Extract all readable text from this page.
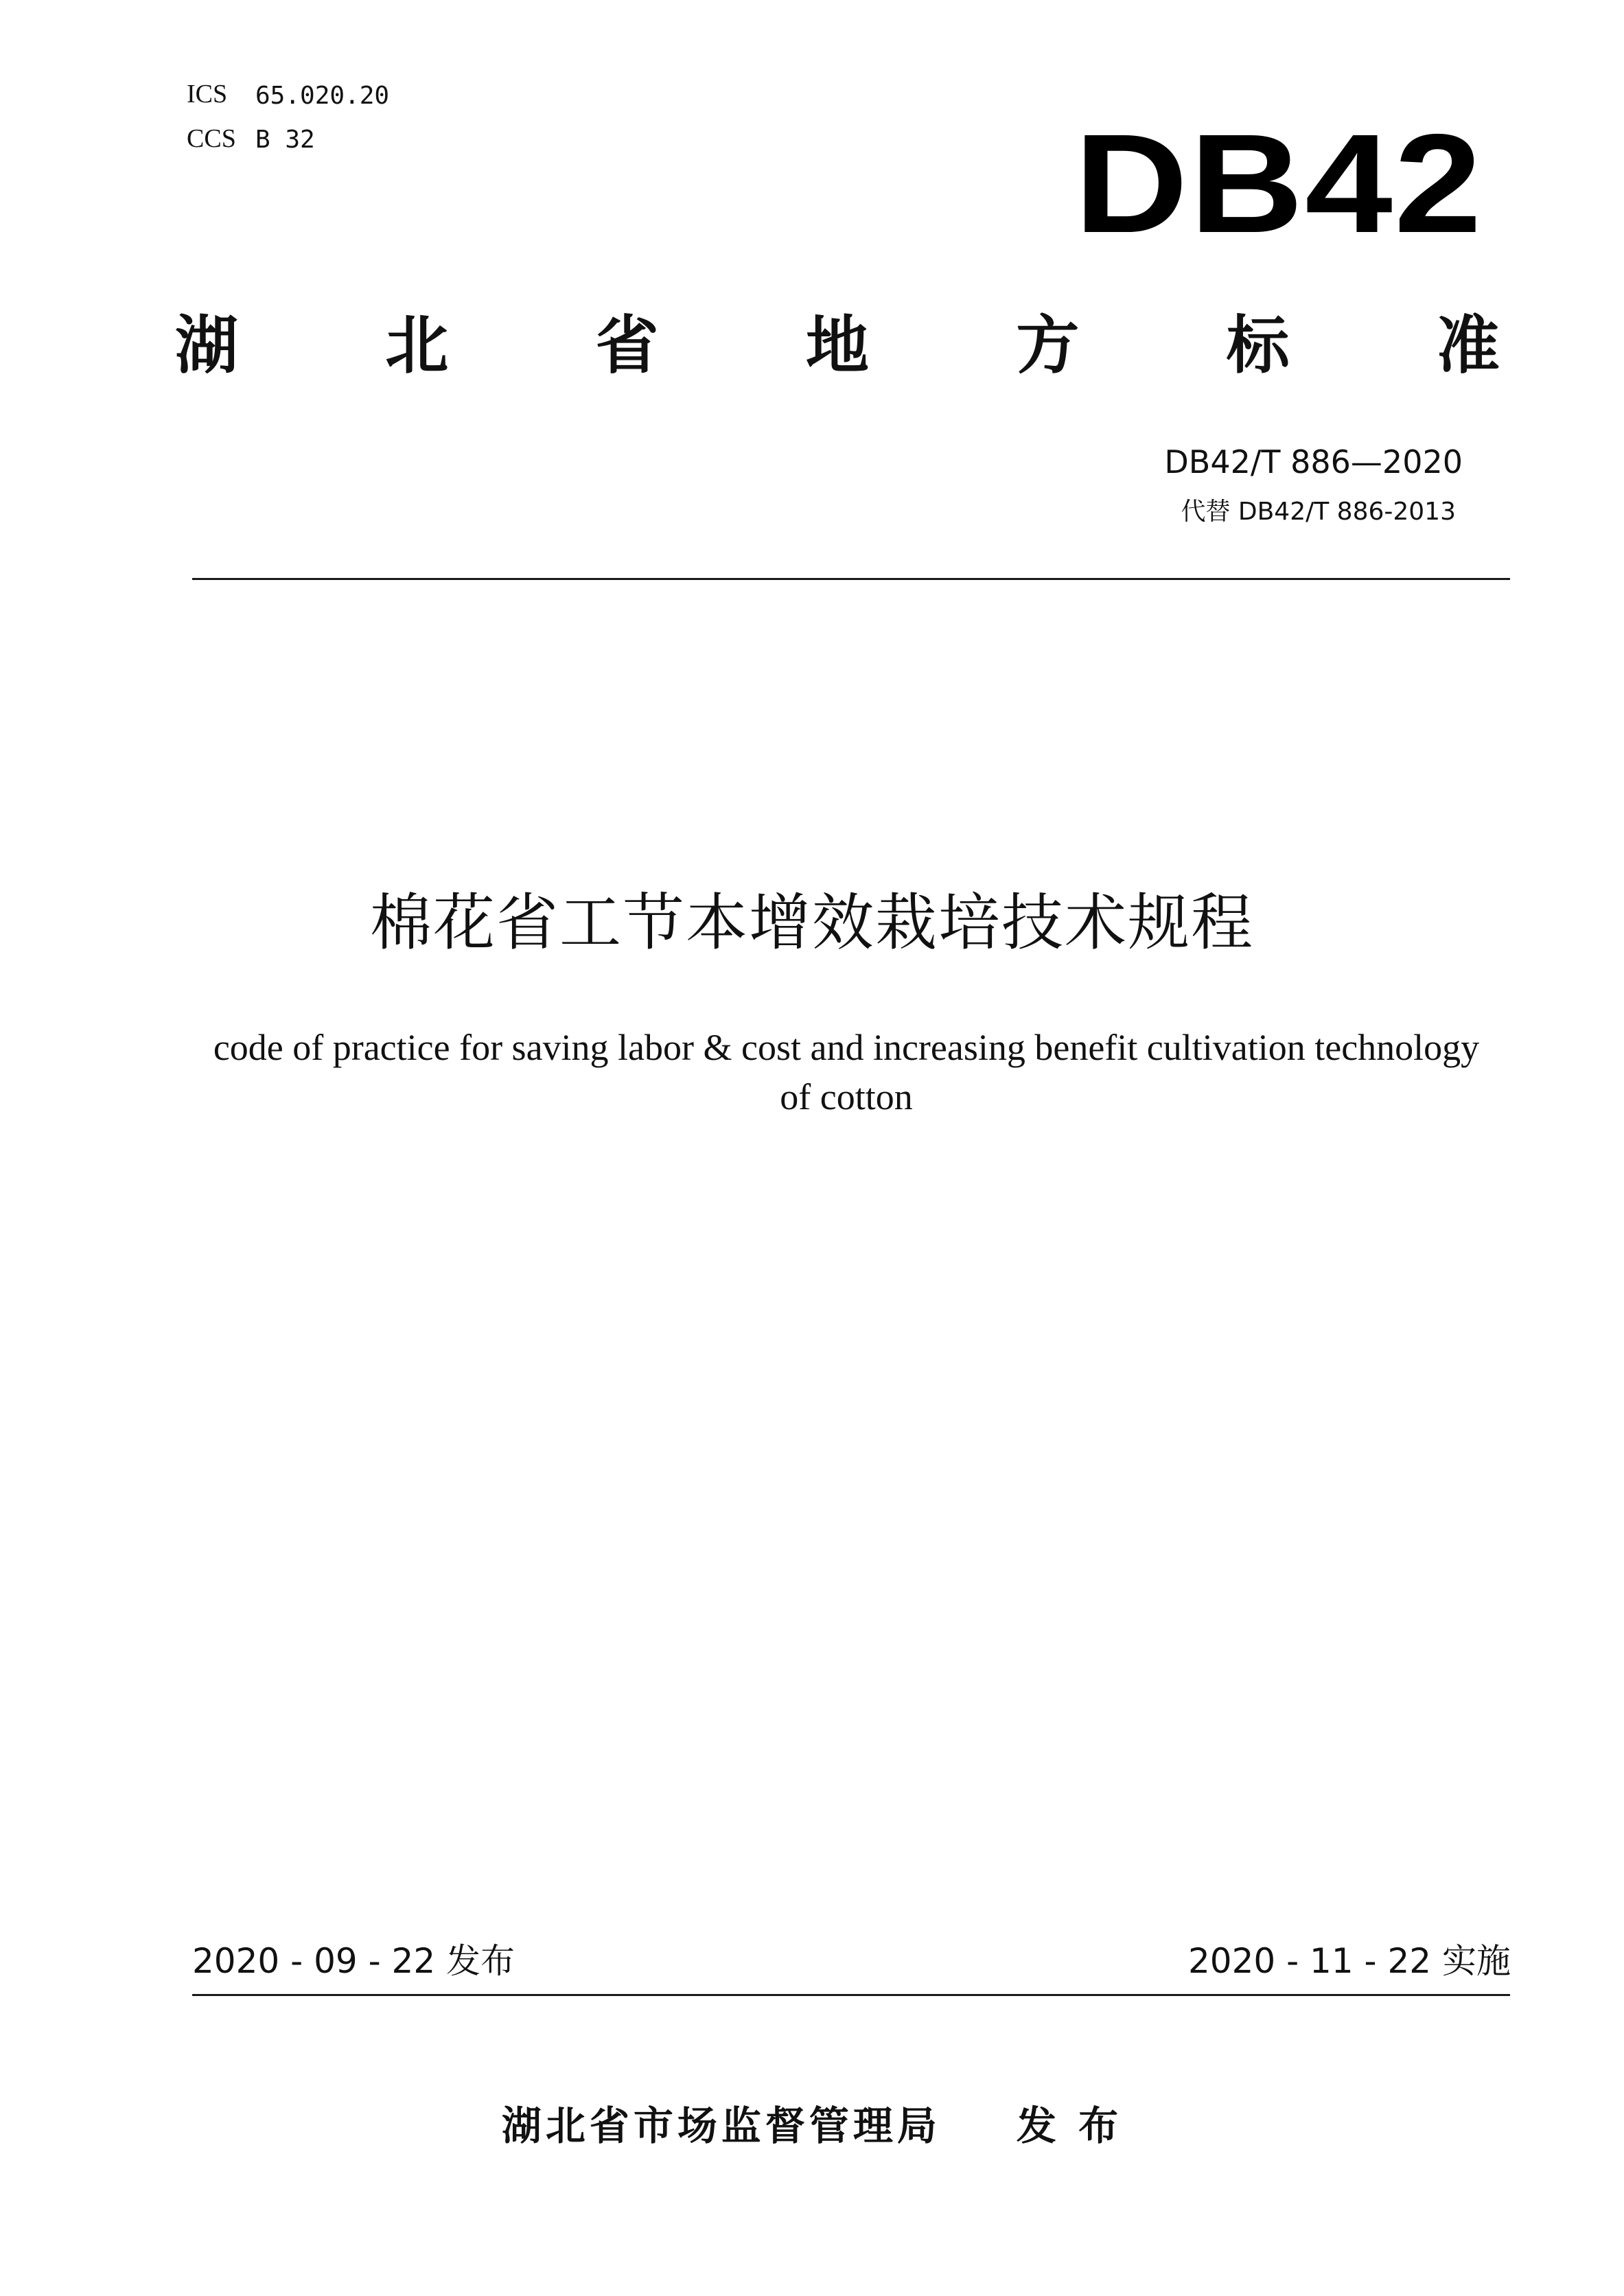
ICS 65.020.20
CCS B 32	DB42
湖 北 省 地 方 标 准
DB42/T 886—2020
代替 DB42/T 886-2013
棉花省工节本增效栽培技术规程
code of practice for saving labor & cost and increasing benefit cultivation technology of cotton
2020 - 09 - 22 发布	2020 - 11 - 22 实施
湖北省市场监督管理局 发 布
